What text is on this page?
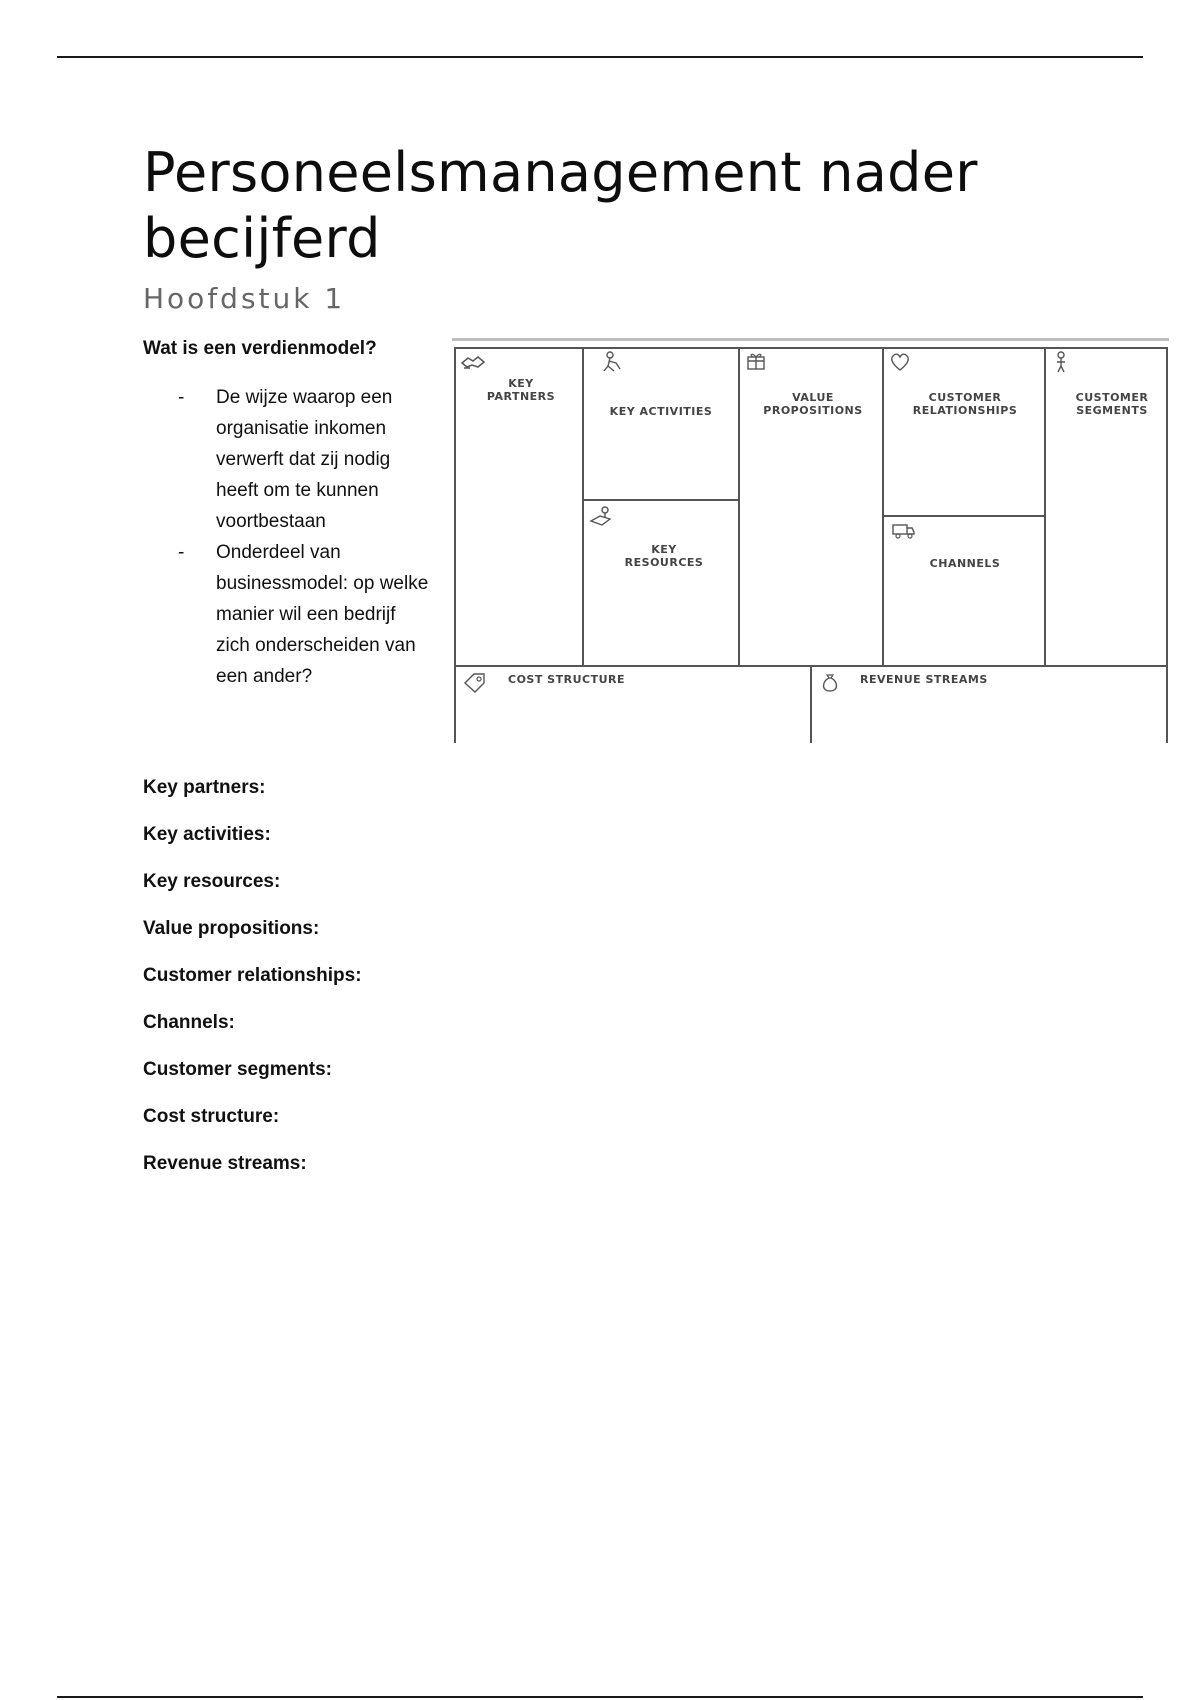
Personeelsmanagement nader becijferd
Hoofdstuk 1

Wat is een verdienmodel?

- De wijze waarop een organisatie inkomen verwerft dat zij nodig heeft om te kunnen voortbestaan
- Onderdeel van businessmodel: op welke manier wil een bedrijf zich onderscheiden van een ander?
KEY
PARTNERS
KEY ACTIVITIES
KEY
RESOURCES
VALUE
PROPOSITIONS
CUSTOMER
RELATIONSHIPS
CHANNELS
CUSTOMER
SEGMENTS
COST STRUCTURE	REVENUE STREAMS
Key partners:
Key activities:
Key resources:
Value propositions:
Customer relationships:
Channels:
Customer segments:
Cost structure:
Revenue streams:
